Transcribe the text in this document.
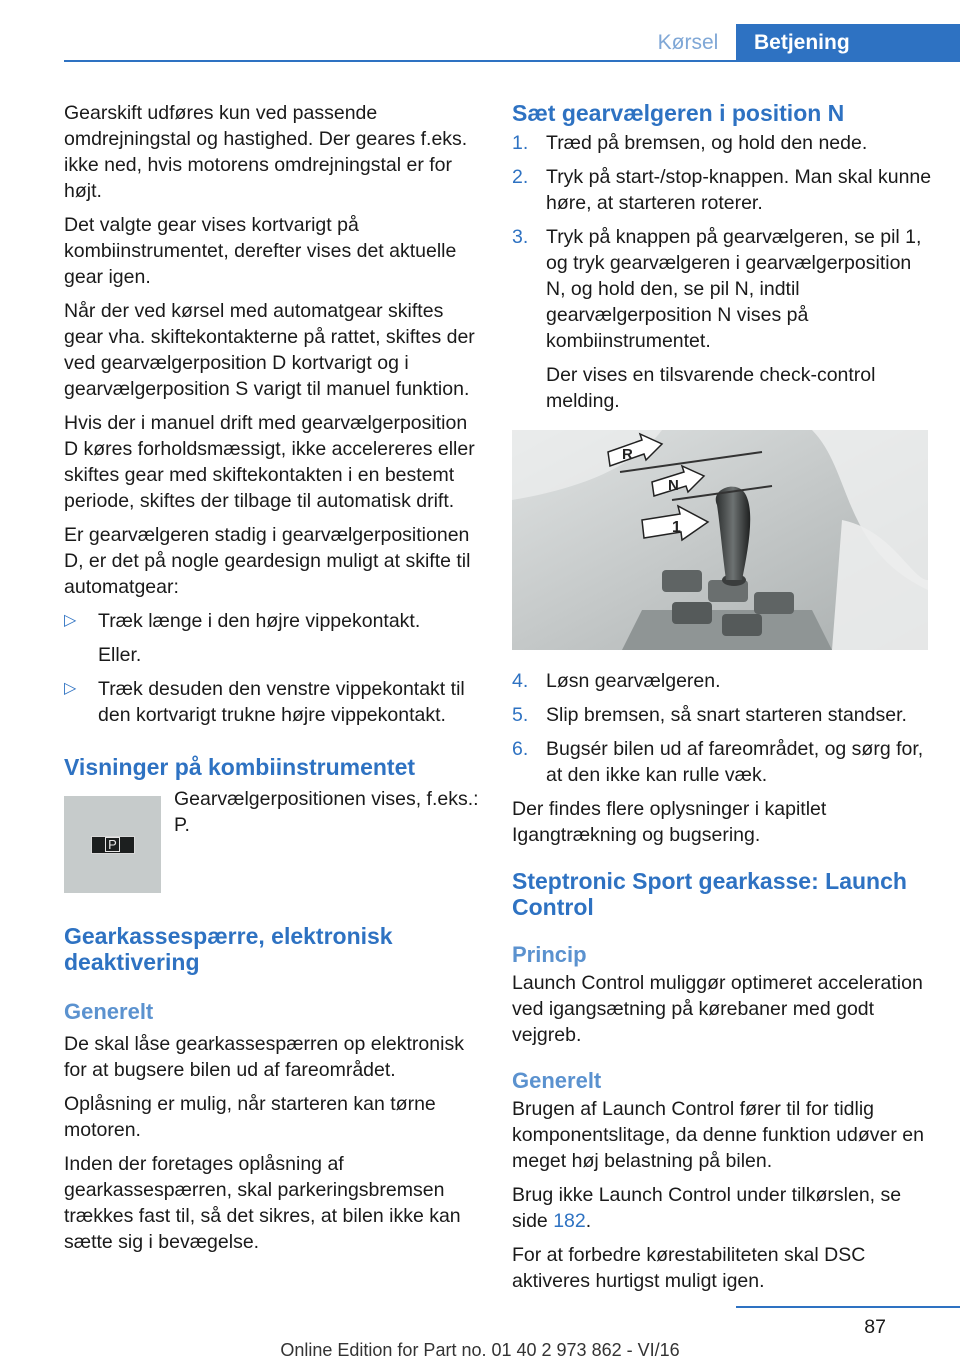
Kørsel	Betjening

Gearskift udføres kun ved passende omdrejningstal og hastighed. Der geares f.eks. ikke ned, hvis motorens omdrejningstal er for højt.

Det valgte gear vises kortvarigt på kombiinstrumentet, derefter vises det aktuelle gear igen.

Når der ved kørsel med automatgear skiftes gear vha. skiftekontakterne på rattet, skiftes der ved gearvælgerposition D kortvarigt og i gearvælgerposition S varigt til manuel funktion.

Hvis der i manuel drift med gearvælgerposition D køres forholdsmæssigt, ikke accelereres eller skiftes gear med skiftekontakten i en bestemt periode, skiftes der tilbage til automatisk drift.

Er gearvælgeren stadig i gearvælgerpositionen D, er det på nogle geardesign muligt at skifte til automatgear:

▷ Træk længe i den højre vippekontakt.

Eller.

▷ Træk desuden den venstre vippekontakt til den kortvarigt trukne højre vippekontakt.

Visninger på kombiinstrumentet
P

Gearvælgerpositionen vises, f.eks.: P.

Gearkassespærre, elektronisk deaktivering
Generelt

De skal låse gearkassespærren op elektronisk for at bugsere bilen ud af fareområdet.

Oplåsning er mulig, når starteren kan tørne motoren.

Inden der foretages oplåsning af gearkassespærren, skal parkeringsbremsen trækkes fast til, så det sikres, at bilen ikke kan sætte sig i bevægelse.

Sæt gearvælgeren i position N
1. Træd på bremsen, og hold den nede.

2. Tryk på start-/stop-knappen. Man skal kunne høre, at starteren roterer.

3. Tryk på knappen på gearvælgeren, se pil 1, og tryk gearvælgeren i gearvælgerposition N, og hold den, se pil N, indtil gearvælgerposition N vises på kombiinstrumentet.

Der vises en tilsvarende check-control melding.

R
N
1
4. Løsn gearvælgeren.

5. Slip bremsen, så snart starteren standser.

6. Bugsér bilen ud af fareområdet, og sørg for, at den ikke kan rulle væk.

Der findes flere oplysninger i kapitlet Igangtrækning og bugsering.

Steptronic Sport gearkasse: Launch Control
Princip

Launch Control muliggør optimeret acceleration ved igangsætning på kørebaner med godt vejgreb.

Generelt

Brugen af Launch Control fører til for tidlig komponentslitage, da denne funktion udøver en meget høj belastning på bilen.

Brug ikke Launch Control under tilkørslen, se side 182.

For at forbedre kørestabiliteten skal DSC aktiveres hurtigst muligt igen.

87
Online Edition for Part no. 01 40 2 973 862 - VI/16
